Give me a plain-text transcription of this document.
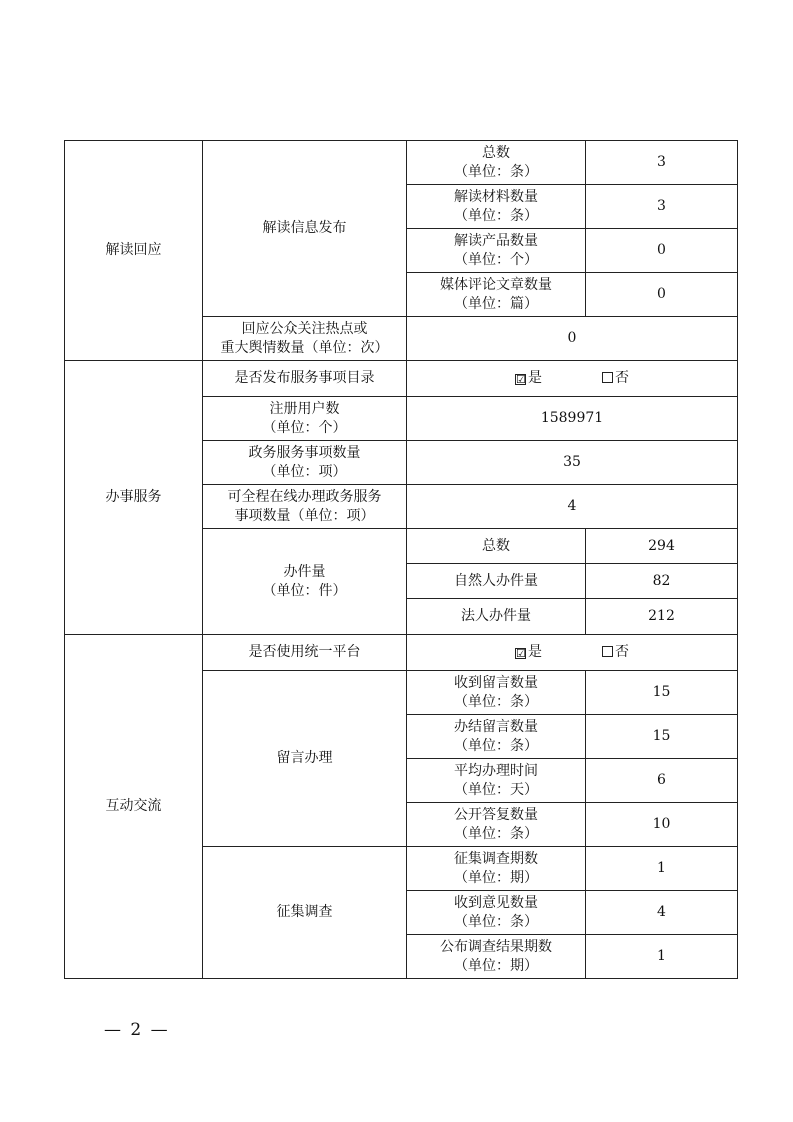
解读回应	解读信息发布	总数
（单位：条）	3

		解读材料数量
（单位：条）	3

		解读产品数量
（单位：个）	0

		媒体评论文章数量
（单位：篇）	0

	回应公众关注热点或
重大舆情数量（单位：次）	0	
办事服务	是否发布服务事项目录	☑ 是 否	

	注册用户数
（单位：个）	1589971	

	政务服务事项数量
（单位：项）	35	

	可全程在线办理政务服务
事项数量（单位：项）	4	

	办件量
（单位：件）	总数	294
		自然人办件量	82
		法人办件量	212
互动交流	是否使用统一平台	☑ 是 否	
	留言办理	收到留言数量
（单位：条）	15

		办结留言数量
（单位：条）	15

		平均办理时间
（单位：天）	6

		公开答复数量
（单位：条）	10
	征集调查	征集调查期数
（单位：期）	1

		收到意见数量
（单位：条）	4

		公布调查结果期数
（单位：期）	1
— 2 —
